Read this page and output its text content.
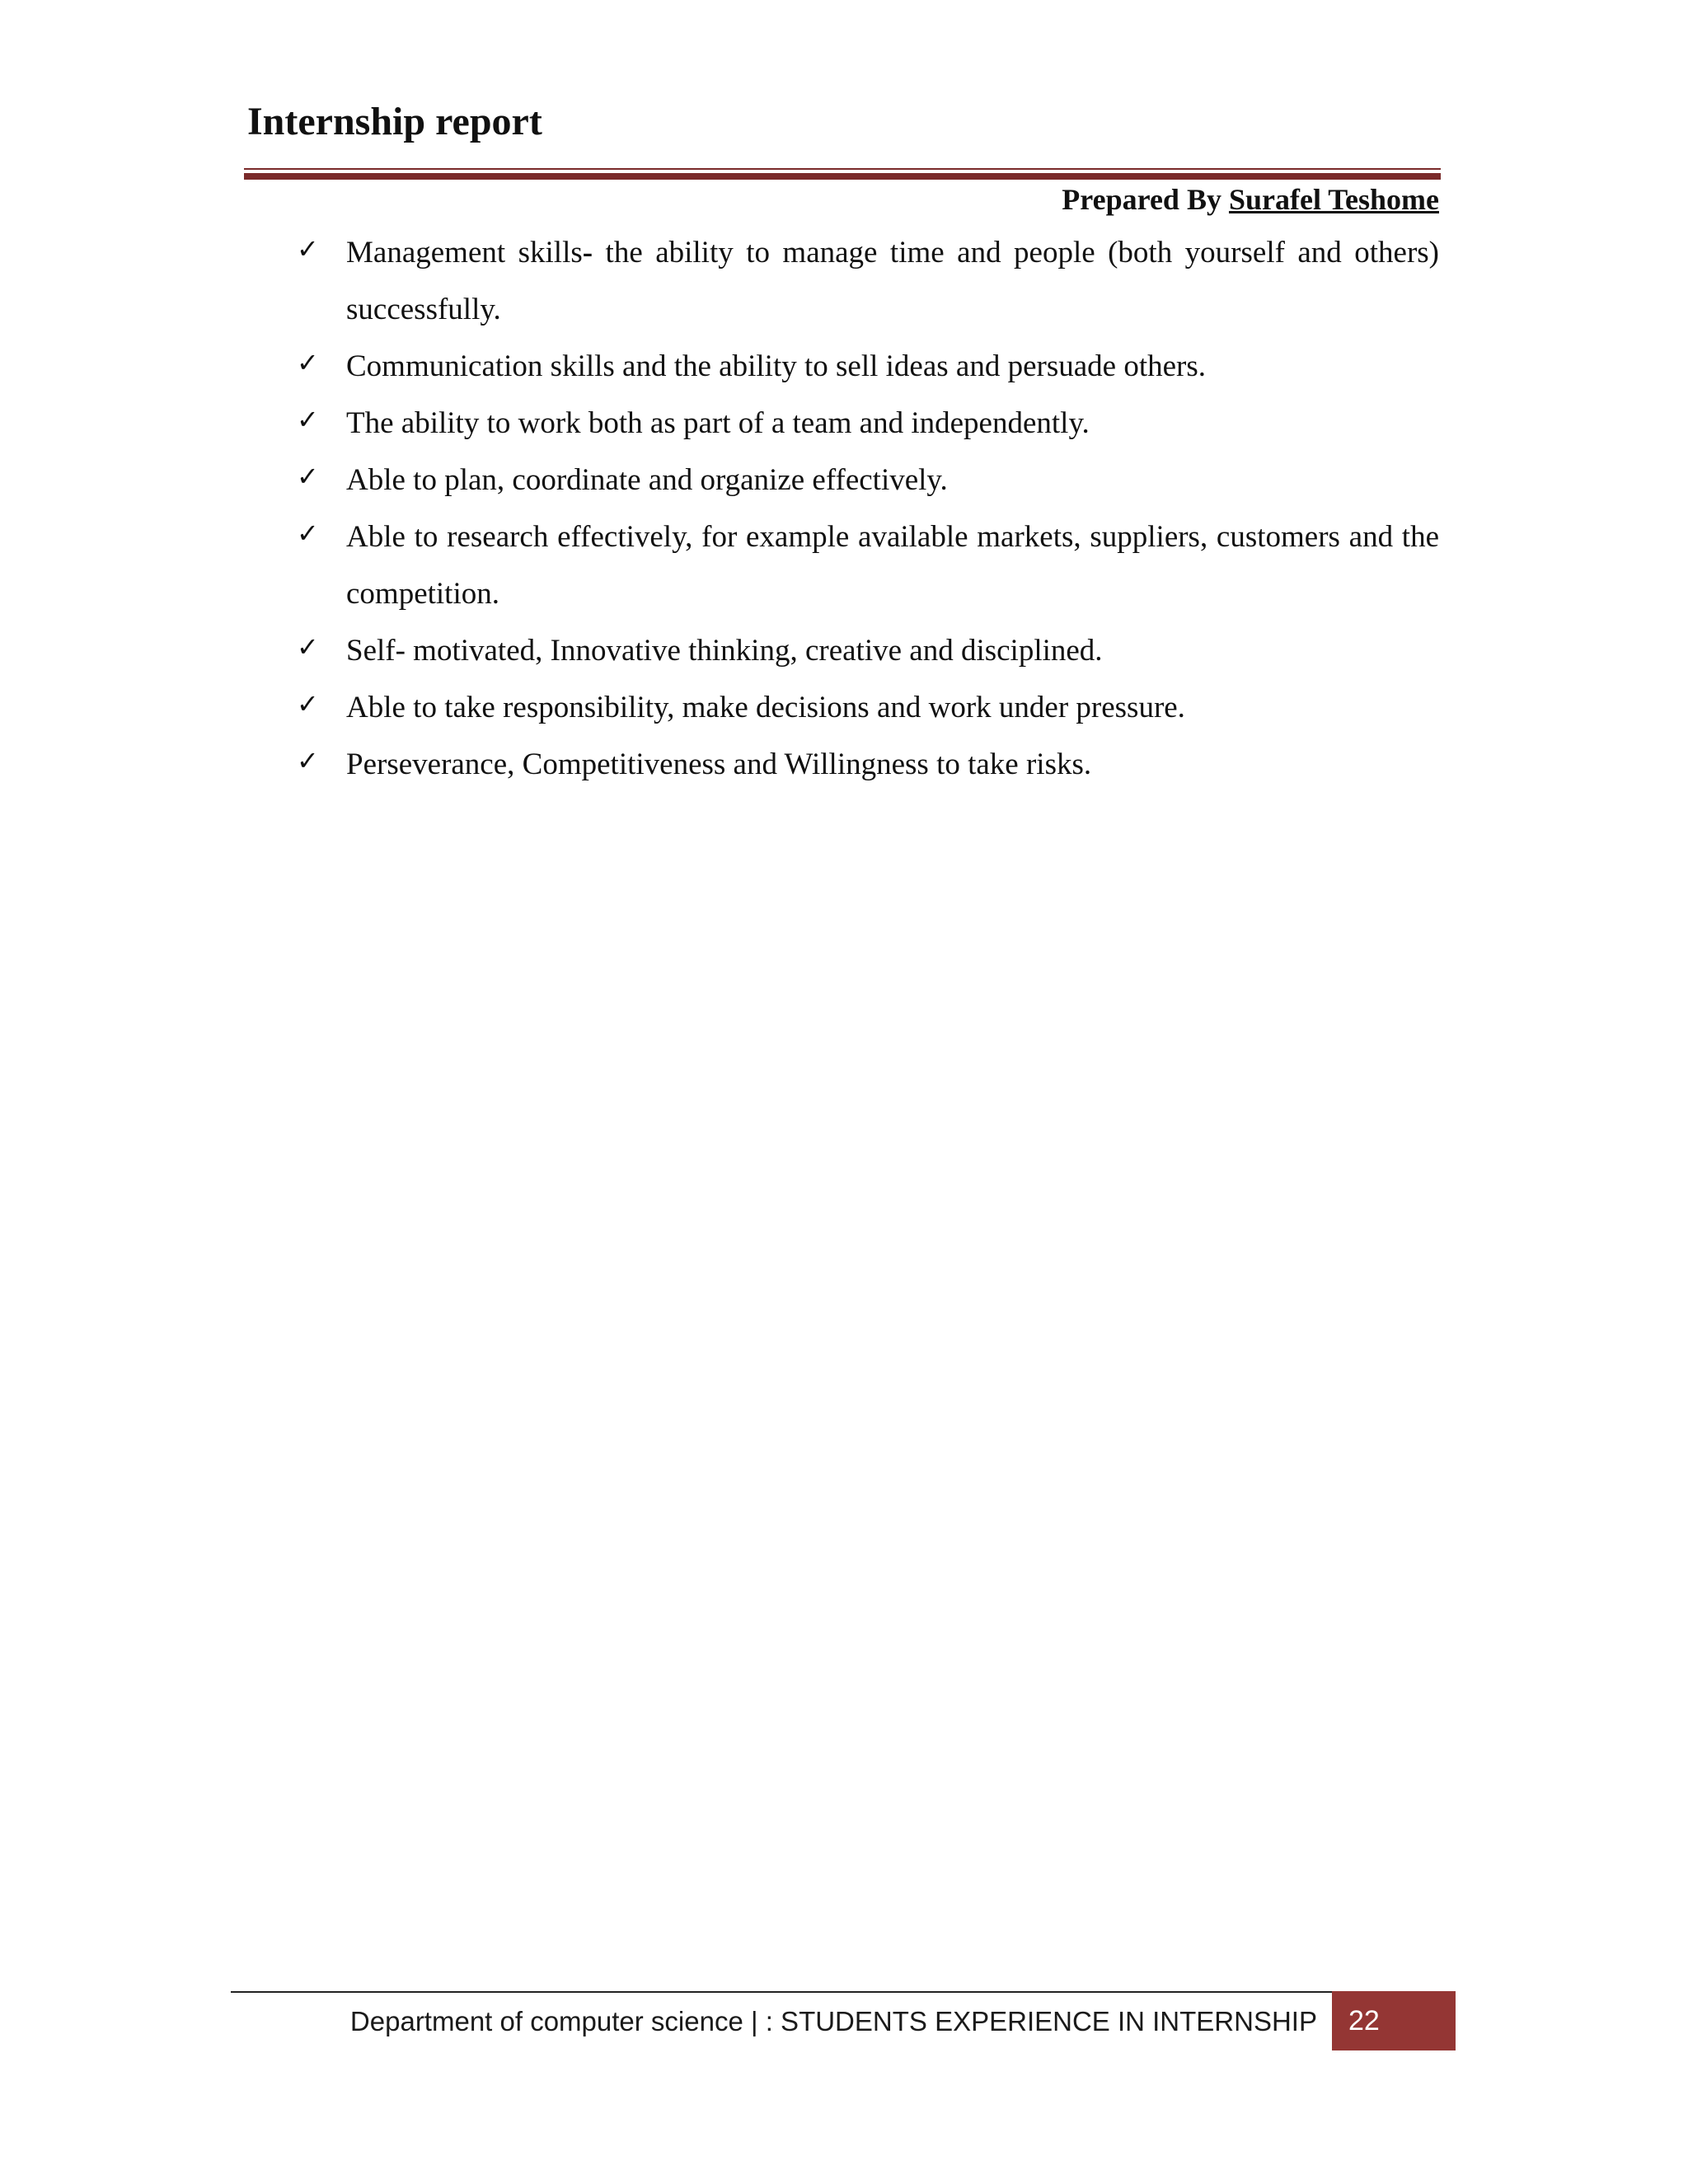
Internship report
Prepared By Surafel Teshome
✓ Management skills- the ability to manage time and people (both yourself and others) successfully.
✓ Communication skills and the ability to sell ideas and persuade others.
✓ The ability to work both as part of a team and independently.
✓ Able to plan, coordinate and organize effectively.
✓ Able to research effectively, for example available markets, suppliers, customers and the competition.
✓ Self- motivated, Innovative thinking, creative and disciplined.
✓ Able to take responsibility, make decisions and work under pressure.
✓ Perseverance, Competitiveness and Willingness to take risks.
Department of computer science | : STUDENTS EXPERIENCE IN INTERNSHIP 22
